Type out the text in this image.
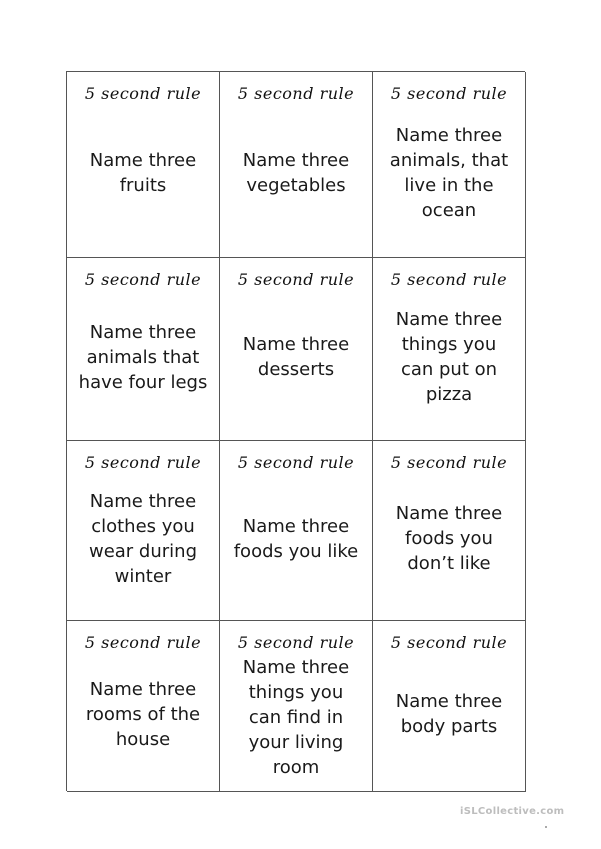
5 second rule
Name three
fruits
5 second rule
Name three
vegetables
5 second rule
Name three
animals, that
live in the
ocean
5 second rule
Name three
animals that
have four legs
5 second rule
Name three
desserts
5 second rule
Name three
things you
can put on
pizza
5 second rule
Name three
clothes you
wear during
winter
5 second rule
Name three
foods you like
5 second rule
Name three
foods you
don’t like
5 second rule
Name three
rooms of the
house
5 second rule
Name three
things you
can find in
your living
room
5 second rule
Name three
body parts
iSLCollective.com
